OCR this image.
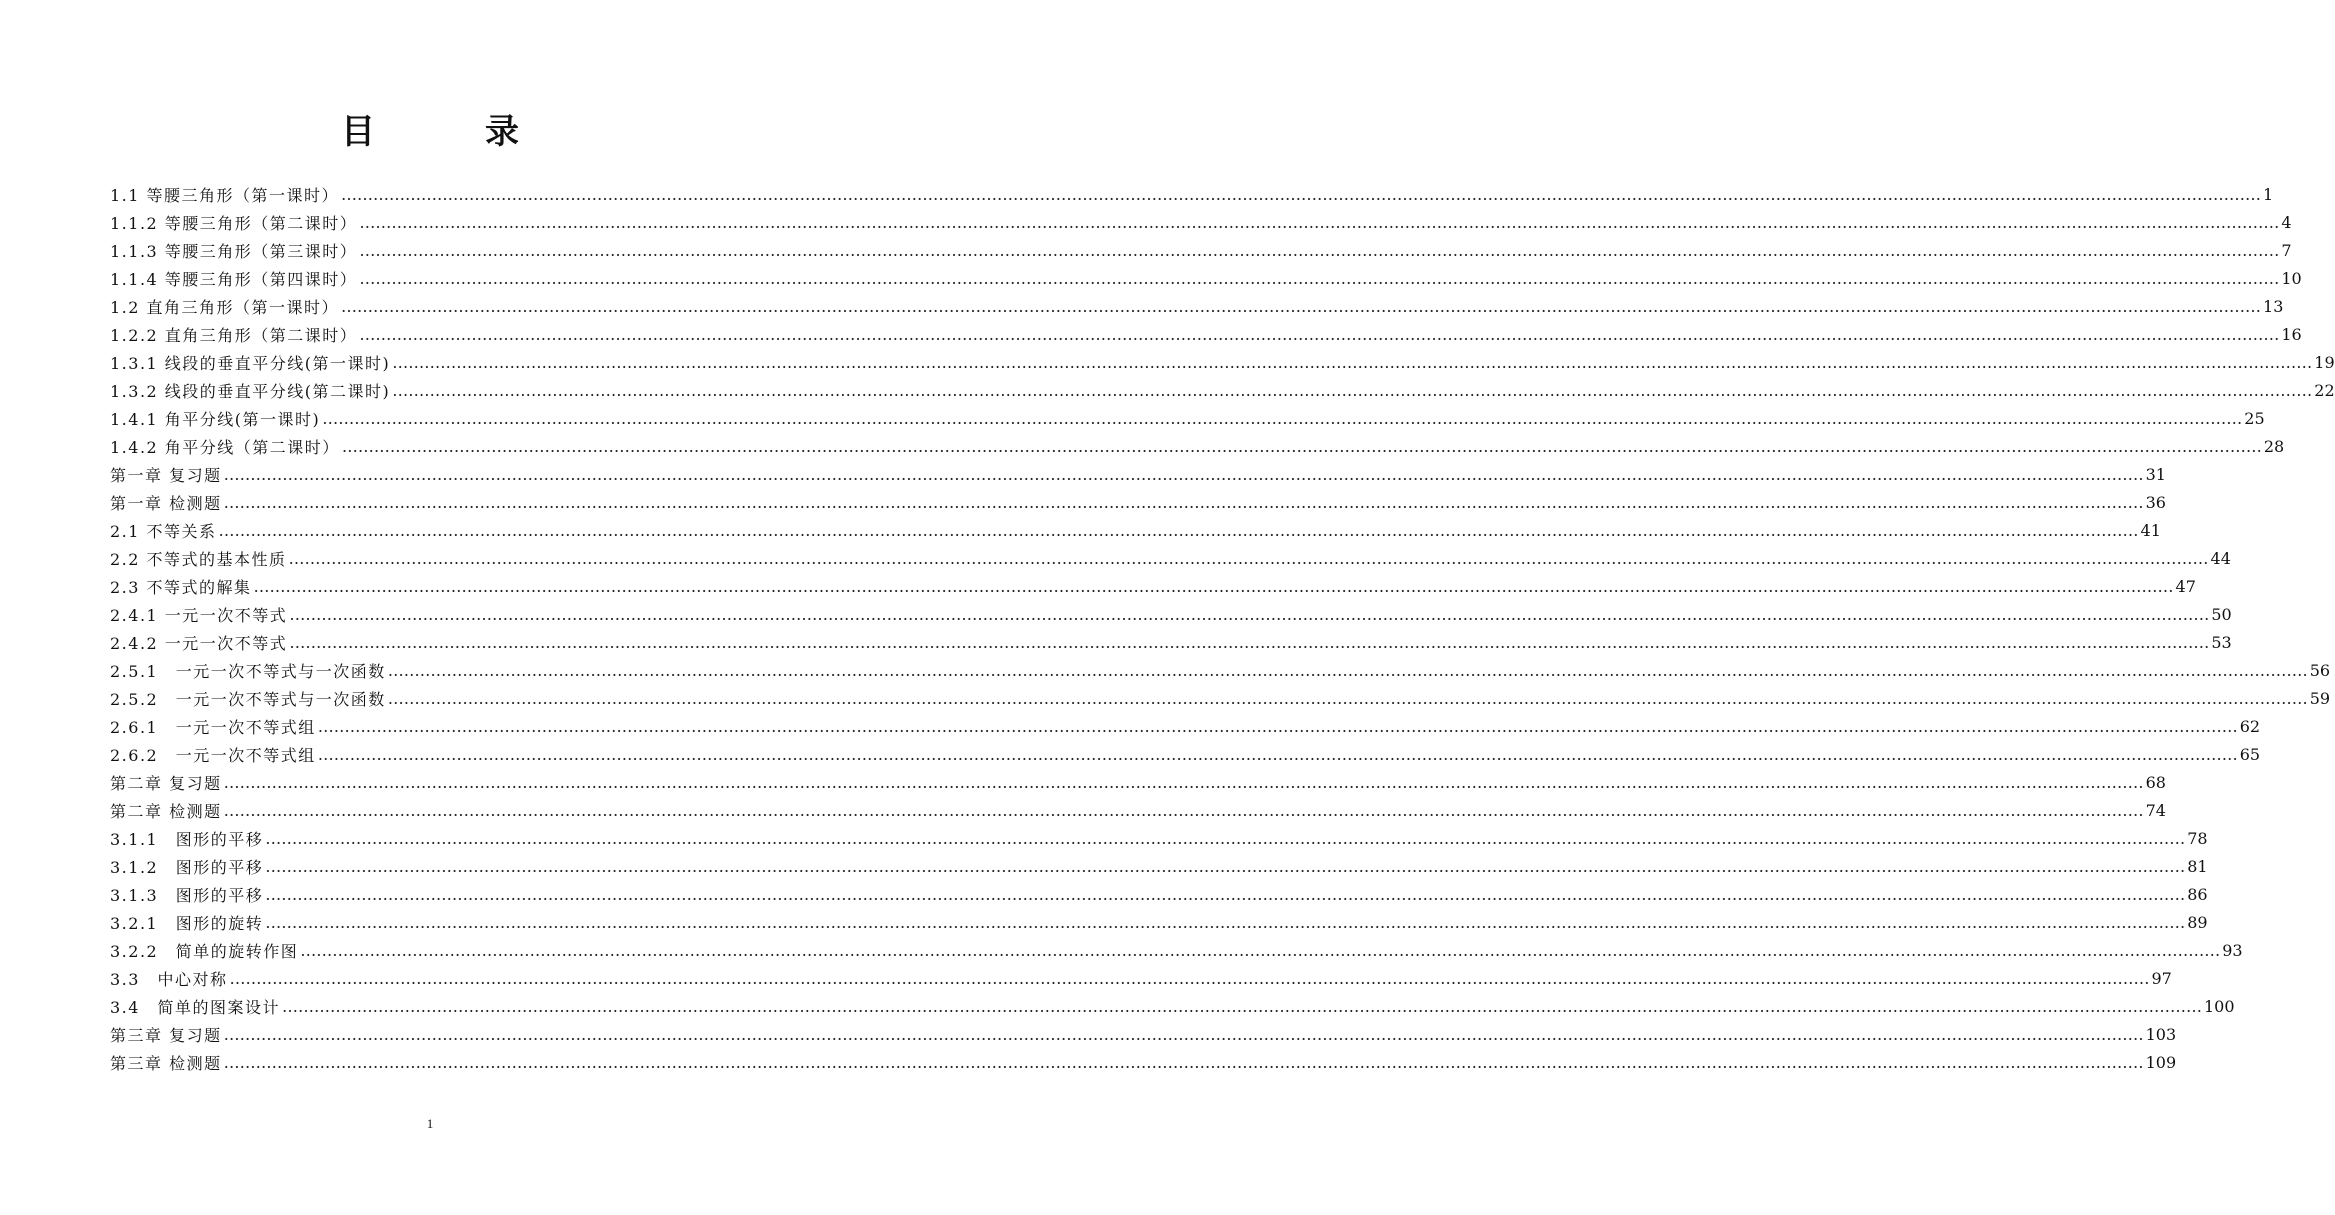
目　录
1.1 等腰三角形（第一课时） ……………………………………………………………………………………………………………………………………………………………………………………………………………………………………………………………………………………………………………………………… 1
1.1.2 等腰三角形（第二课时） ……………………………………………………………………………………………………………………………………………………………………………………………………………………………………………………………………………………………………………………………… 4
1.1.3 等腰三角形（第三课时） ……………………………………………………………………………………………………………………………………………………………………………………………………………………………………………………………………………………………………………………………… 7
1.1.4 等腰三角形（第四课时） ……………………………………………………………………………………………………………………………………………………………………………………………………………………………………………………………………………………………………………………………… 10
1.2 直角三角形（第一课时） ……………………………………………………………………………………………………………………………………………………………………………………………………………………………………………………………………………………………………………………………… 13
1.2.2 直角三角形（第二课时） ……………………………………………………………………………………………………………………………………………………………………………………………………………………………………………………………………………………………………………………………… 16
1.3.1 线段的垂直平分线(第一课时) ……………………………………………………………………………………………………………………………………………………………………………………………………………………………………………………………………………………………………………………………… 19
1.3.2 线段的垂直平分线(第二课时) ……………………………………………………………………………………………………………………………………………………………………………………………………………………………………………………………………………………………………………………………… 22
1.4.1 角平分线(第一课时) ……………………………………………………………………………………………………………………………………………………………………………………………………………………………………………………………………………………………………………………………… 25
1.4.2 角平分线（第二课时） ……………………………………………………………………………………………………………………………………………………………………………………………………………………………………………………………………………………………………………………………… 28
第一章 复习题 ……………………………………………………………………………………………………………………………………………………………………………………………………………………………………………………………………………………………………………………………… 31
第一章 检测题 ……………………………………………………………………………………………………………………………………………………………………………………………………………………………………………………………………………………………………………………………… 36
2.1 不等关系 ……………………………………………………………………………………………………………………………………………………………………………………………………………………………………………………………………………………………………………………………… 41
2.2 不等式的基本性质 ……………………………………………………………………………………………………………………………………………………………………………………………………………………………………………………………………………………………………………………………… 44
2.3 不等式的解集 ……………………………………………………………………………………………………………………………………………………………………………………………………………………………………………………………………………………………………………………………… 47
2.4.1 一元一次不等式 ……………………………………………………………………………………………………………………………………………………………………………………………………………………………………………………………………………………………………………………………… 50
2.4.2 一元一次不等式 ……………………………………………………………………………………………………………………………………………………………………………………………………………………………………………………………………………………………………………………………… 53
2.5.1　一元一次不等式与一次函数 ……………………………………………………………………………………………………………………………………………………………………………………………………………………………………………………………………………………………………………………………… 56
2.5.2　一元一次不等式与一次函数 ……………………………………………………………………………………………………………………………………………………………………………………………………………………………………………………………………………………………………………………………… 59
2.6.1　一元一次不等式组 ……………………………………………………………………………………………………………………………………………………………………………………………………………………………………………………………………………………………………………………………… 62
2.6.2　一元一次不等式组 ……………………………………………………………………………………………………………………………………………………………………………………………………………………………………………………………………………………………………………………………… 65
第二章 复习题 ……………………………………………………………………………………………………………………………………………………………………………………………………………………………………………………………………………………………………………………………… 68
第二章 检测题 ……………………………………………………………………………………………………………………………………………………………………………………………………………………………………………………………………………………………………………………………… 74
3.1.1　图形的平移 ……………………………………………………………………………………………………………………………………………………………………………………………………………………………………………………………………………………………………………………………… 78
3.1.2　图形的平移 ……………………………………………………………………………………………………………………………………………………………………………………………………………………………………………………………………………………………………………………………… 81
3.1.3　图形的平移 ……………………………………………………………………………………………………………………………………………………………………………………………………………………………………………………………………………………………………………………………… 86
3.2.1　图形的旋转 ……………………………………………………………………………………………………………………………………………………………………………………………………………………………………………………………………………………………………………………………… 89
3.2.2　简单的旋转作图 ……………………………………………………………………………………………………………………………………………………………………………………………………………………………………………………………………………………………………………………………… 93
3.3　中心对称 ……………………………………………………………………………………………………………………………………………………………………………………………………………………………………………………………………………………………………………………………… 97
3.4　简单的图案设计 ……………………………………………………………………………………………………………………………………………………………………………………………………………………………………………………………………………………………………………………………… 100
第三章 复习题 ……………………………………………………………………………………………………………………………………………………………………………………………………………………………………………………………………………………………………………………………… 103
第三章 检测题 ……………………………………………………………………………………………………………………………………………………………………………………………………………………………………………………………………………………………………………………………… 109
1
